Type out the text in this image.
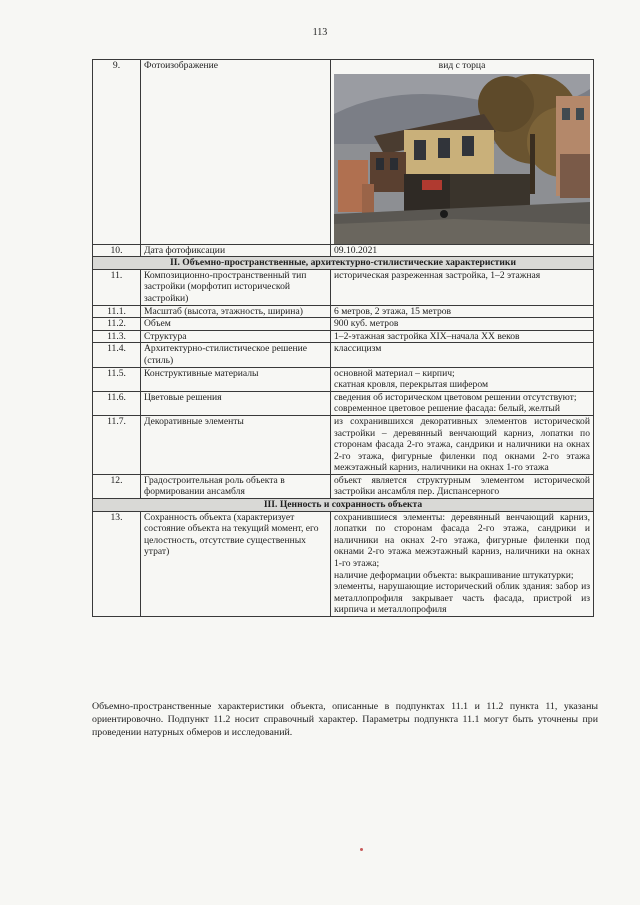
113
9.	Фотоизображение	вид с торца

10.	Дата фотофиксации	09.10.2021
II. Объемно-пространственные, архитектурно-стилистические характеристики		
11.	Композиционно-пространственный тип застройки (морфотип исторической застройки)	историческая разреженная застройка, 1–2 этажная
11.1.	Масштаб (высота, этажность, ширина)	6 метров, 2 этажа, 15 метров
11.2.	Объем	900 куб. метров
11.3.	Структура	1–2-этажная застройка XIX–начала XX веков
11.4.	Архитектурно-стилистическое решение (стиль)	классицизм
11.5.	Конструктивные материалы	основной материал – кирпич;
скатная кровля, перекрытая шифером

11.6.	Цветовые решения	сведения об историческом цветовом решении отсутствуют;
современное цветовое решение фасада: белый, желтый

11.7.	Декоративные элементы	из сохранившихся декоративных элементов исторической застройки – деревянный венчающий карниз, лопатки по сторонам фасада 2-го этажа, сандрики и наличники на окнах 2-го этажа, фигурные филенки под окнами 2-го этажа межэтажный карниз, наличники на окнах 1-го этажа
12.	Градостроительная роль объекта в формировании ансамбля	объект является структурным элементом исторической застройки ансамбля пер. Диспансерного
III. Ценность и сохранность объекта		
13.	Сохранность объекта (характеризует состояние объекта на текущий момент, его целостность, отсутствие существенных утрат)	сохранившиеся элементы: деревянный венчающий карниз, лопатки по сторонам фасада 2-го этажа, сандрики и наличники на окнах 2-го этажа, фигурные филенки под окнами 2-го этажа межэтажный карниз, наличники на окнах 1-го этажа;
наличие деформации объекта: выкрашивание штукатурки;
элементы, нарушающие исторический облик здания: забор из металлопрофиля закрывает часть фасада, пристрой из кирпича и металлопрофиля
Объемно-пространственные характеристики объекта, описанные в подпунктах 11.1 и 11.2 пункта 11, указаны ориентировочно. Подпункт 11.2 носит справочный характер. Параметры подпункта 11.1 могут быть уточнены при проведении натурных обмеров и исследований.
